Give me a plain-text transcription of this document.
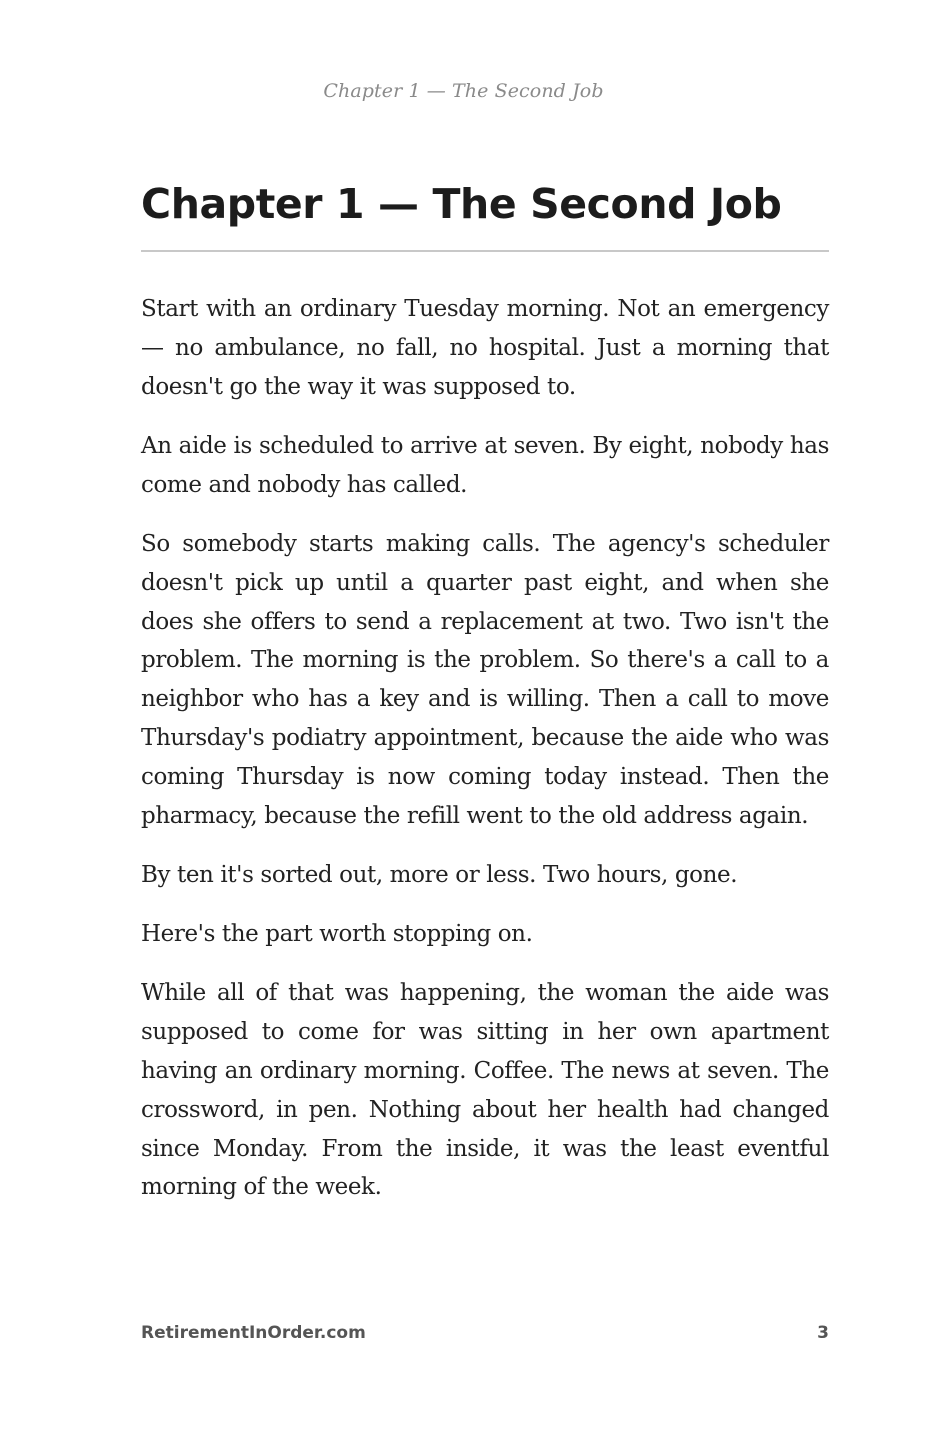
Chapter 1 — The Second Job
Chapter 1 — The Second Job

Start with an ordinary Tuesday morning. Not an emergency — no ambulance, no fall, no hospital. Just a morning that doesn't go the way it was supposed to.

An aide is scheduled to arrive at seven. By eight, nobody has come and nobody has called.

So somebody starts making calls. The agency's scheduler doesn't pick up until a quarter past eight, and when she does she offers to send a replacement at two. Two isn't the problem. The morning is the problem. So there's a call to a neighbor who has a key and is willing. Then a call to move Thursday's podiatry appointment, because the aide who was coming Thursday is now coming today instead. Then the pharmacy, because the refill went to the old address again.

By ten it's sorted out, more or less. Two hours, gone.

Here's the part worth stopping on.

While all of that was happening, the woman the aide was supposed to come for was sitting in her own apartment having an ordinary morning. Coffee. The news at seven. The crossword, in pen. Nothing about her health had changed since Monday. From the inside, it was the least eventful morning of the week.

RetirementInOrder.com	3
